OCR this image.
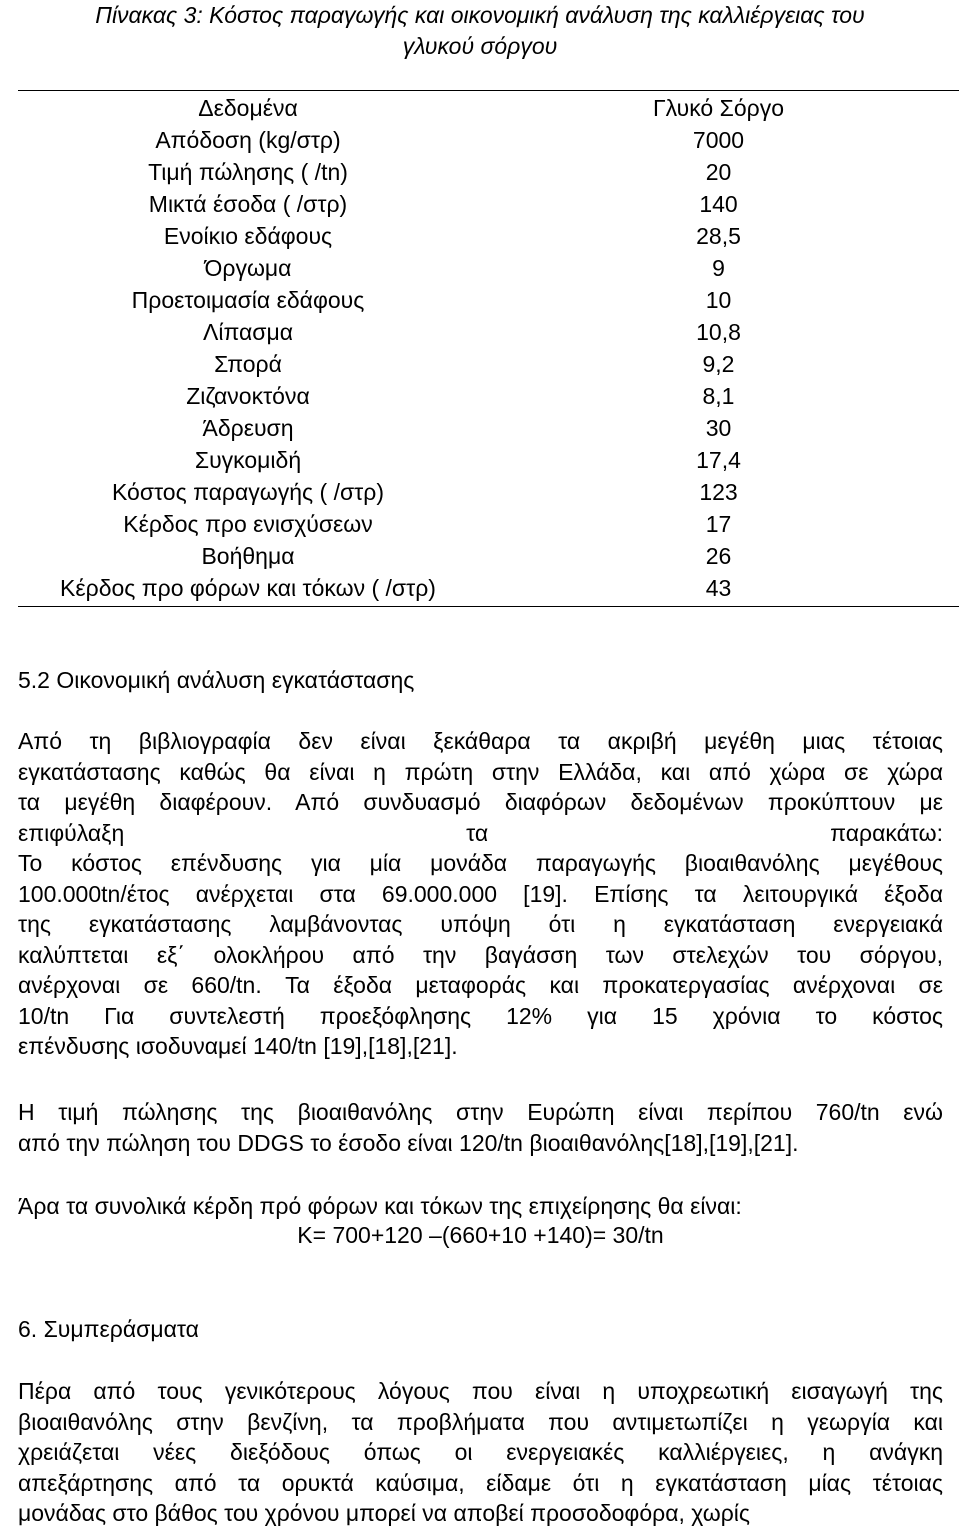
Πίνακας 3: Κόστος παραγωγής και οικονομική ανάλυση της καλλιέργειας του
γλυκού σόργου
Δεδομένα	Γλυκό Σόργο
Απόδοση (kg/στρ)	7000
Τιμή πώλησης ( /tn)	20
Μικτά έσοδα ( /στρ)	140
Ενοίκιο εδάφους	28,5
Όργωμα	9
Προετοιμασία εδάφους	10
Λίπασμα	10,8
Σπορά	9,2
Ζιζανοκτόνα	8,1
Άδρευση	30
Συγκομιδή	17,4
Κόστος παραγωγής ( /στρ)	123
Κέρδος προ ενισχύσεων	17
Βοήθημα	26
Κέρδος προ φόρων και τόκων ( /στρ)	43
5.2 Οικονομική ανάλυση εγκατάστασης
Από τη βιβλιογραφία δεν είναι ξεκάθαρα τα ακριβή μεγέθη μιας τέτοιας
εγκατάστασης καθώς θα είναι η πρώτη στην Ελλάδα, και από χώρα σε χώρα
τα μεγέθη διαφέρουν. Από συνδυασμό διαφόρων δεδομένων προκύπτουν με
επιφύλαξη τα παρακάτω:
Το κόστος επένδυσης για μία μονάδα παραγωγής βιοαιθανόλης μεγέθους
100.000tn/έτος ανέρχεται στα 69.000.000 [19]. Επίσης τα λειτουργικά έξοδα
της εγκατάστασης λαμβάνοντας υπόψη ότι η εγκατάσταση ενεργειακά
καλύπτεται εξ΄ ολοκλήρου από την βαγάσση των στελεχών του σόργου,
ανέρχοναι σε 660/tn. Τα έξοδα μεταφοράς και προκατεργασίας ανέρχοναι σε
10/tn Για συντελεστή προεξόφλησης 12% για 15 χρόνια το κόστος
επένδυσης ισοδυναμεί 140/tn [19],[18],[21].
Η τιμή πώλησης της βιοαιθανόλης στην Ευρώπη είναι περίπου 760/tn ενώ
από την πώληση του DDGS το έσοδο είναι 120/tn βιοαιθανόλης[18],[19],[21].
Άρα τα συνολικά κέρδη πρό φόρων και τόκων της επιχείρησης θα είναι:
K= 700+120 –(660+10 +140)= 30/tn
6. Συμπεράσματα
Πέρα από τους γενικότερους λόγους που είναι η υποχρεωτική εισαγωγή της
βιοαιθανόλης στην βενζίνη, τα προβλήματα που αντιμετωπίζει η γεωργία και
χρειάζεται νέες διεξόδους όπως οι ενεργειακές καλλιέργειες, η ανάγκη
απεξάρτησης από τα ορυκτά καύσιμα, είδαμε ότι η εγκατάσταση μίας τέτοιας
μονάδας στο βάθος του χρόνου μπορεί να αποβεί προσοδοφόρα, χωρίς
